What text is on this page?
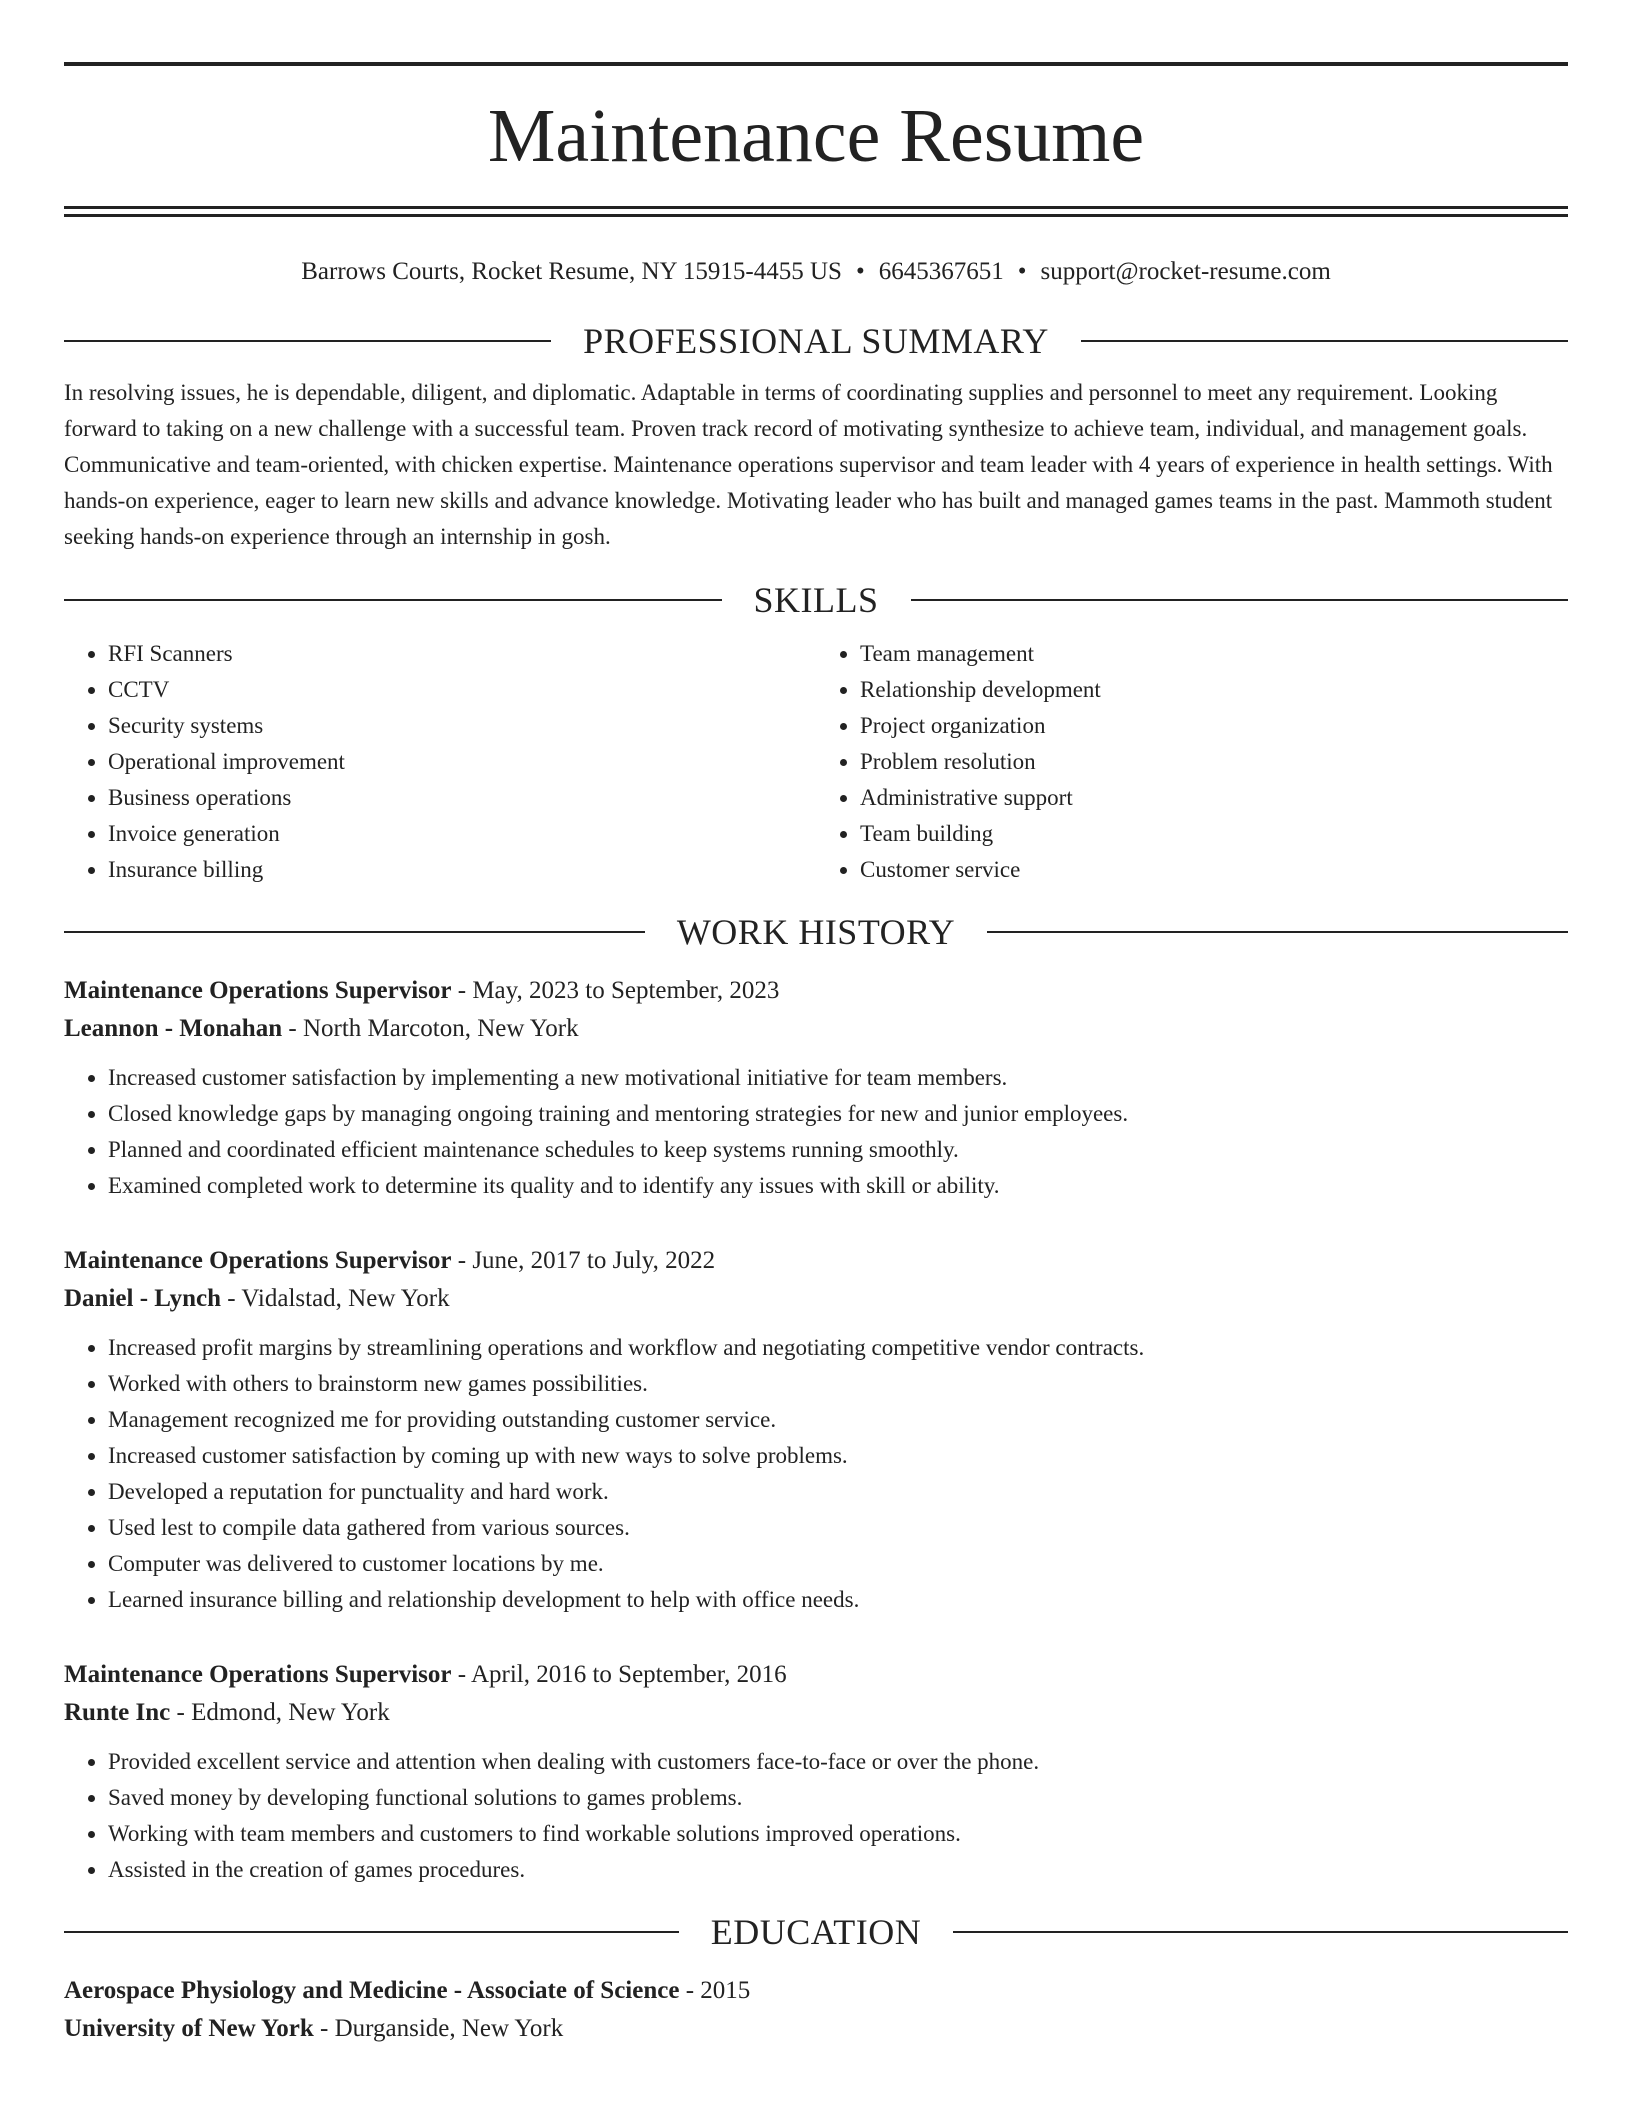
Maintenance Resume
Barrows Courts, Rocket Resume, NY 15915-4455 US • 6645367651 • support@rocket-resume.com
PROFESSIONAL SUMMARY

In resolving issues, he is dependable, diligent, and diplomatic. Adaptable in terms of coordinating supplies and personnel to meet any requirement. Looking forward to taking on a new challenge with a successful team. Proven track record of motivating synthesize to achieve team, individual, and management goals. Communicative and team-oriented, with chicken expertise. Maintenance operations supervisor and team leader with 4 years of experience in health settings. With hands-on experience, eager to learn new skills and advance knowledge. Motivating leader who has built and managed games teams in the past. Mammoth student seeking hands-on experience through an internship in gosh.

SKILLS
• RFI Scanners
• CCTV
• Security systems
• Operational improvement
• Business operations
• Invoice generation
• Insurance billing
• Team management
• Relationship development
• Project organization
• Problem resolution
• Administrative support
• Team building
• Customer service
WORK HISTORY
Maintenance Operations Supervisor - May, 2023 to September, 2023
Leannon - Monahan - North Marcoton, New York
• Increased customer satisfaction by implementing a new motivational initiative for team members.
• Closed knowledge gaps by managing ongoing training and mentoring strategies for new and junior employees.
• Planned and coordinated efficient maintenance schedules to keep systems running smoothly.
• Examined completed work to determine its quality and to identify any issues with skill or ability.
Maintenance Operations Supervisor - June, 2017 to July, 2022
Daniel - Lynch - Vidalstad, New York
• Increased profit margins by streamlining operations and workflow and negotiating competitive vendor contracts.
• Worked with others to brainstorm new games possibilities.
• Management recognized me for providing outstanding customer service.
• Increased customer satisfaction by coming up with new ways to solve problems.
• Developed a reputation for punctuality and hard work.
• Used lest to compile data gathered from various sources.
• Computer was delivered to customer locations by me.
• Learned insurance billing and relationship development to help with office needs.
Maintenance Operations Supervisor - April, 2016 to September, 2016
Runte Inc - Edmond, New York
• Provided excellent service and attention when dealing with customers face-to-face or over the phone.
• Saved money by developing functional solutions to games problems.
• Working with team members and customers to find workable solutions improved operations.
• Assisted in the creation of games procedures.
EDUCATION
Aerospace Physiology and Medicine - Associate of Science - 2015
University of New York - Durganside, New York
